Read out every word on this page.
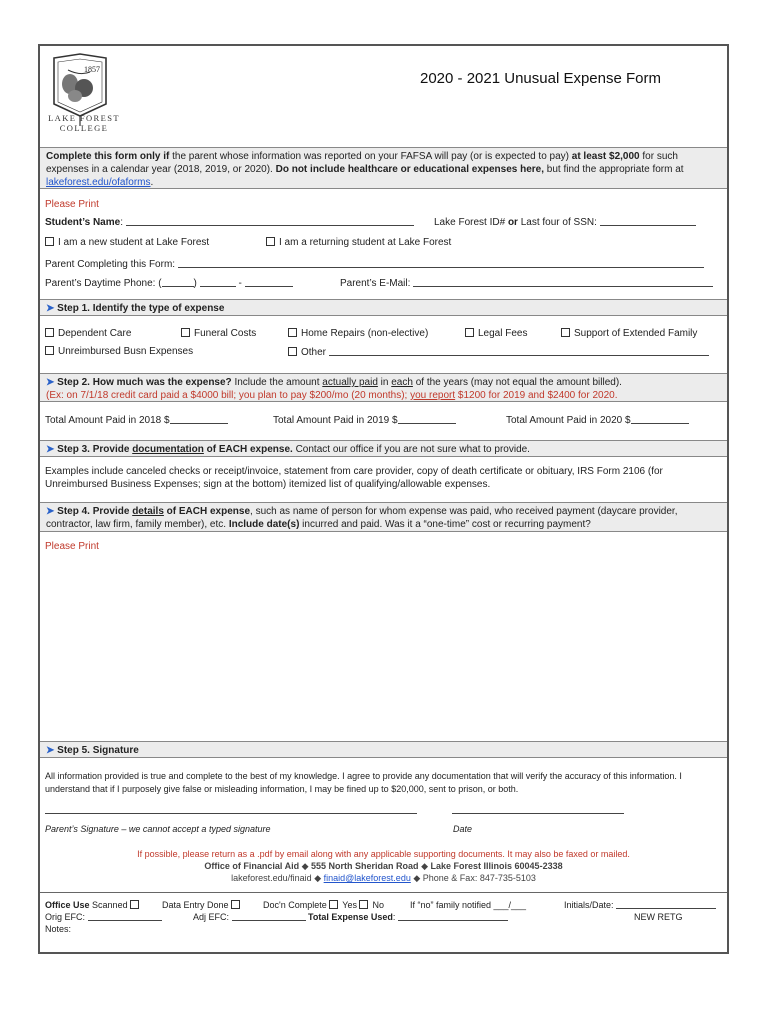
1857
LAKE FOREST
COLLEGE
2020 - 2021 Unusual Expense Form
Complete this form only if the parent whose information was reported on your FAFSA will pay (or is expected to pay) at least $2,000 for such expenses in a calendar year (2018, 2019, or 2020). Do not include healthcare or educational expenses here, but find the appropriate form at lakeforest.edu/ofaforms.
Please Print
Student’s Name:	Lake Forest ID# or Last four of SSN:
I am a new student at Lake Forest	I am a returning student at Lake Forest
Parent Completing this Form:
Parent’s Daytime Phone: (	)	-	Parent’s E-Mail:
➤ Step 1. Identify the type of expense
Dependent Care	Funeral Costs	Home Repairs (non-elective)	Legal Fees	Support of Extended Family
Unreimbursed Busn Expenses	Other
➤ Step 2. How much was the expense? Include the amount actually paid in each of the years (may not equal the amount billed).
(Ex: on 7/1/18 credit card paid a $4000 bill; you plan to pay $200/mo (20 months); you report $1200 for 2019 and $2400 for 2020.
Total Amount Paid in 2018 $	Total Amount Paid in 2019 $	Total Amount Paid in 2020 $
➤ Step 3. Provide documentation of EACH expense. Contact our office if you are not sure what to provide.
Examples include canceled checks or receipt/invoice, statement from care provider, copy of death certificate or obituary, IRS Form 2106 (for Unreimbursed Business Expenses; sign at the bottom) itemized list of qualifying/allowable expenses.
➤ Step 4. Provide details of EACH expense, such as name of person for whom expense was paid, who received payment (daycare provider, contractor, law firm, family member), etc. Include date(s) incurred and paid. Was it a “one-time” cost or recurring payment?
Please Print
➤ Step 5. Signature
All information provided is true and complete to the best of my knowledge. I agree to provide any documentation that will verify the accuracy of this information. I understand that if I purposely give false or misleading information, I may be fined up to $20,000, sent to prison, or both.
Parent’s Signature – we cannot accept a typed signature	Date
If possible, please return as a .pdf by email along with any applicable supporting documents. It may also be faxed or mailed.
Office of Financial Aid ◆ 555 North Sheridan Road ◆ Lake Forest Illinois 60045-2338
lakeforest.edu/finaid ◆ finaid@lakeforest.edu ◆ Phone & Fax: 847-735-5103
Office Use Scanned	Data Entry Done	Doc'n Complete Yes No	If “no” family notified ___/___	Initials/Date:
Orig EFC:	Adj EFC:	Total Expense Used:	NEW RETG
Notes:
